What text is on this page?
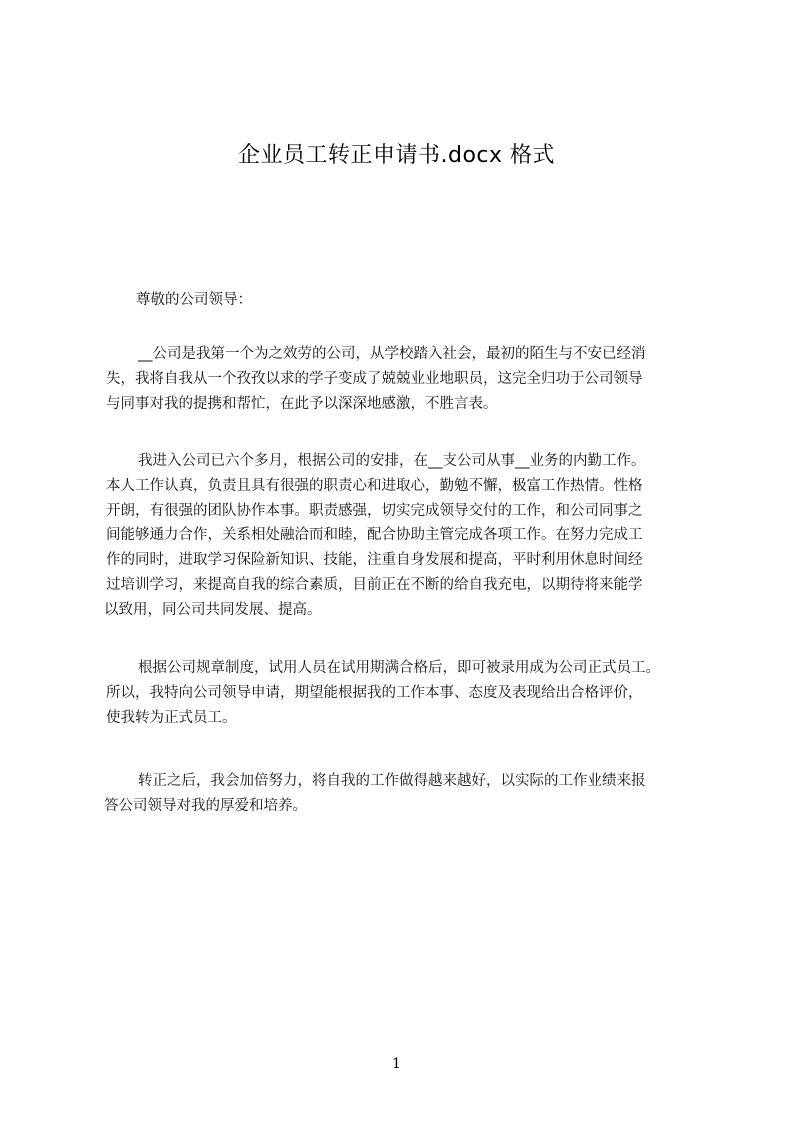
企业员工转正申请书.docx 格式
尊敬的公司领导：
__公司是我第一个为之效劳的公司，从学校踏入社会，最初的陌生与不安已经消
失，我将自我从一个孜孜以求的学子变成了兢兢业业地职员，这完全归功于公司领导
与同事对我的提携和帮忙，在此予以深深地感激，不胜言表。
我进入公司已六个多月，根据公司的安排，在__支公司从事__业务的内勤工作。
本人工作认真，负责且具有很强的职责心和进取心，勤勉不懈，极富工作热情。性格
开朗，有很强的团队协作本事。职责感强，切实完成领导交付的工作，和公司同事之
间能够通力合作，关系相处融洽而和睦，配合协助主管完成各项工作。在努力完成工
作的同时，进取学习保险新知识、技能，注重自身发展和提高，平时利用休息时间经
过培训学习，来提高自我的综合素质，目前正在不断的给自我充电，以期待将来能学
以致用，同公司共同发展、提高。
根据公司规章制度，试用人员在试用期满合格后，即可被录用成为公司正式员工。
所以，我特向公司领导申请，期望能根据我的工作本事、态度及表现给出合格评价，
使我转为正式员工。
转正之后，我会加倍努力，将自我的工作做得越来越好，以实际的工作业绩来报
答公司领导对我的厚爱和培养。
1
